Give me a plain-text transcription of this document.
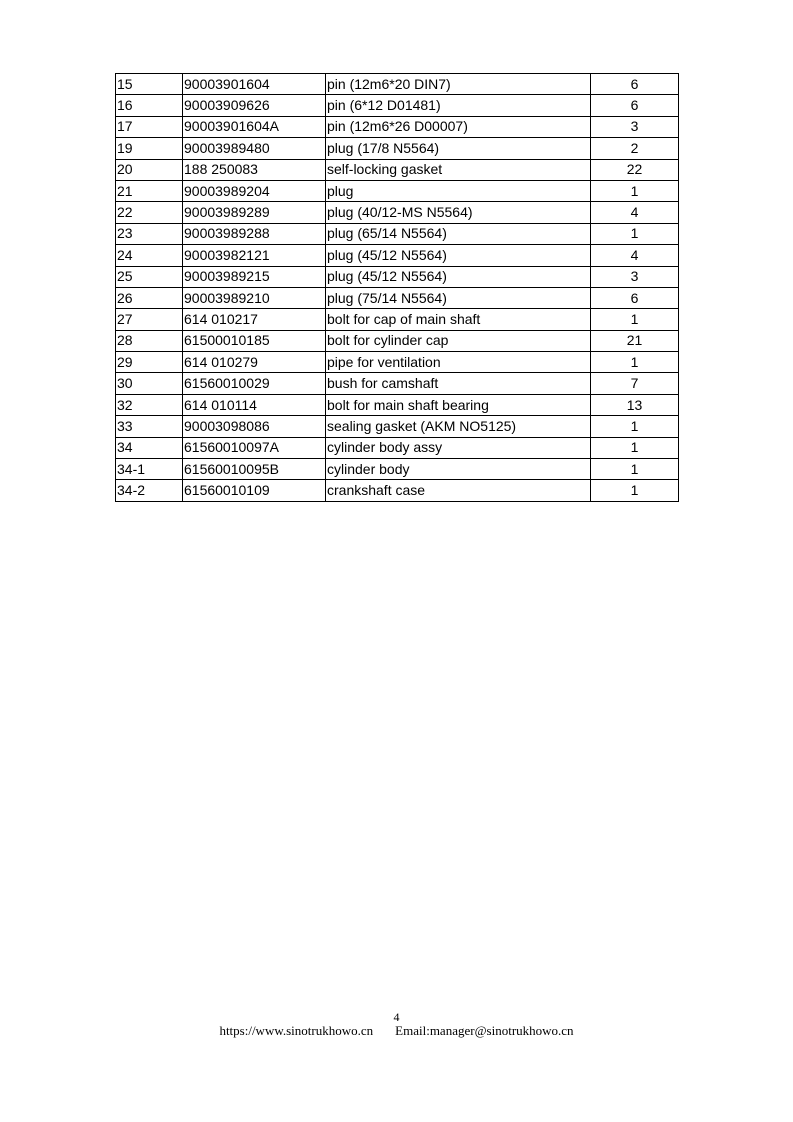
15	90003901604	pin (12m6*20 DIN7)	6
16	90003909626	pin (6*12 D01481)	6
17	90003901604A	pin (12m6*26 D00007)	3
19	90003989480	plug (17/8 N5564)	2
20	188 250083	self-locking gasket	22
21	90003989204	plug	1
22	90003989289	plug (40/12-MS N5564)	4
23	90003989288	plug (65/14 N5564)	1
24	90003982121	plug (45/12 N5564)	4
25	90003989215	plug (45/12 N5564)	3
26	90003989210	plug (75/14 N5564)	6
27	614 010217	bolt for cap of main shaft	1
28	61500010185	bolt for cylinder cap	21
29	614 010279	pipe for ventilation	1
30	61560010029	bush for camshaft	7
32	614 010114	bolt for main shaft bearing	13
33	90003098086	sealing gasket (AKM NO5125)	1
34	61560010097A	cylinder body assy	1
34-1	61560010095B	cylinder body	1
34-2	61560010109	crankshaft case	1
4
https://www.sinotrukhowo.cn Email:manager@sinotrukhowo.cn
